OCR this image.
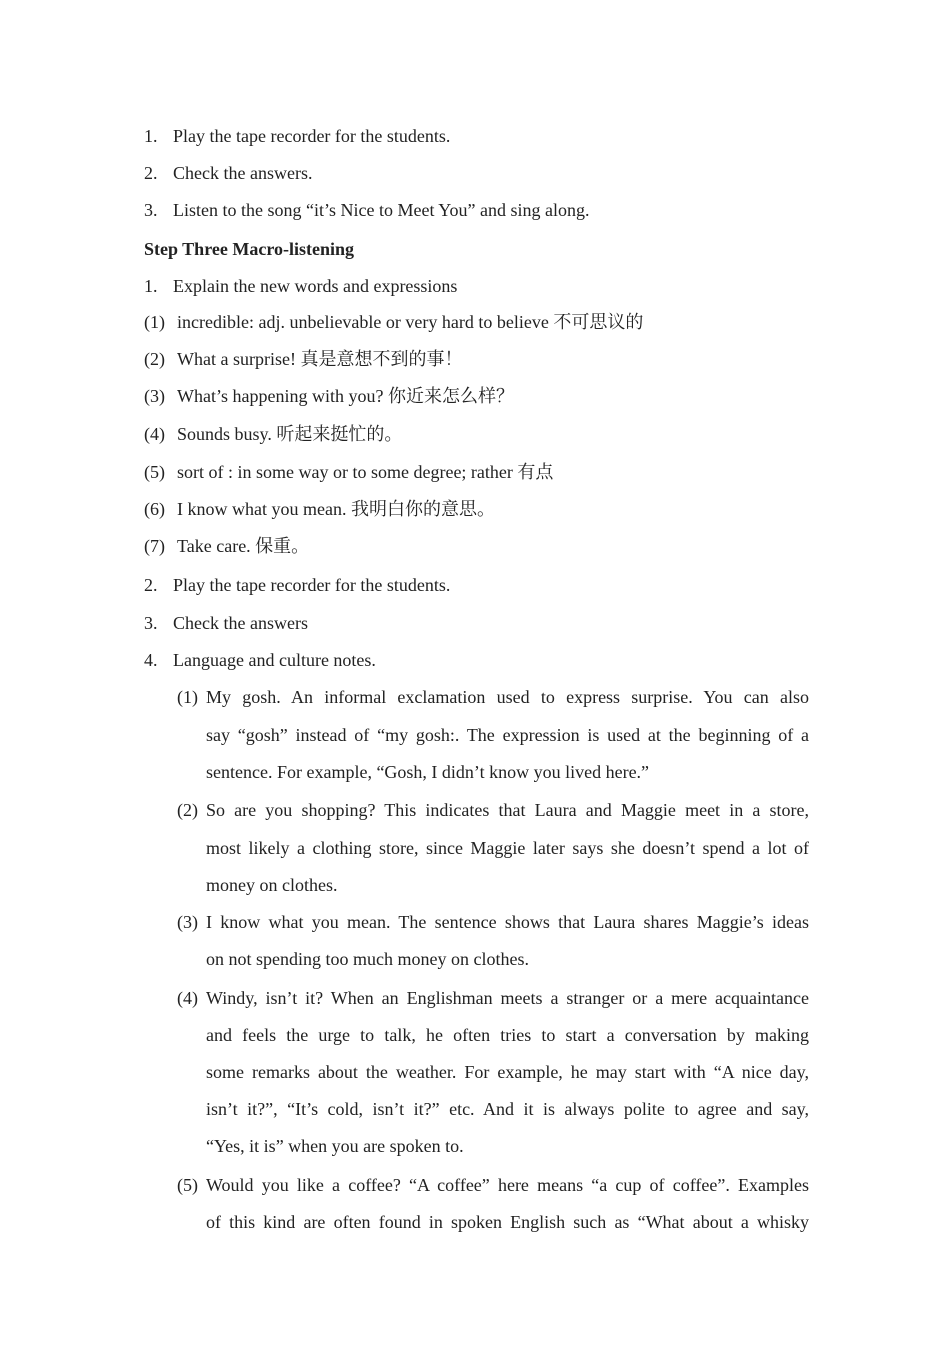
1. Play the tape recorder for the students.
2. Check the answers.
3. Listen to the song “it’s Nice to Meet You” and sing along.
Step Three Macro-listening
1. Explain the new words and expressions
(1) incredible: adj. unbelievable or very hard to believe 不可思议的
(2) What a surprise! 真是意想不到的事！
(3) What’s happening with you? 你近来怎么样？
(4) Sounds busy. 听起来挺忙的。
(5) sort of : in some way or to some degree; rather 有点
(6) I know what you mean. 我明白你的意思。
(7) Take care. 保重。
2. Play the tape recorder for the students.
3. Check the answers
4. Language and culture notes.
(1) My gosh. An informal exclamation used to express surprise. You can also
say “gosh” instead of “my gosh:. The expression is used at the beginning of a
sentence. For example, “Gosh, I didn’t know you lived here.”
(2) So are you shopping? This indicates that Laura and Maggie meet in a store,
most likely a clothing store, since Maggie later says she doesn’t spend a lot of
money on clothes.
(3) I know what you mean. The sentence shows that Laura shares Maggie’s ideas
on not spending too much money on clothes.
(4) Windy, isn’t it? When an Englishman meets a stranger or a mere acquaintance
and feels the urge to talk, he often tries to start a conversation by making
some remarks about the weather. For example, he may start with “A nice day,
isn’t it?”, “It’s cold, isn’t it?” etc. And it is always polite to agree and say,
“Yes, it is” when you are spoken to.
(5) Would you like a coffee? “A coffee” here means “a cup of coffee”. Examples
of this kind are often found in spoken English such as “What about a whisky
